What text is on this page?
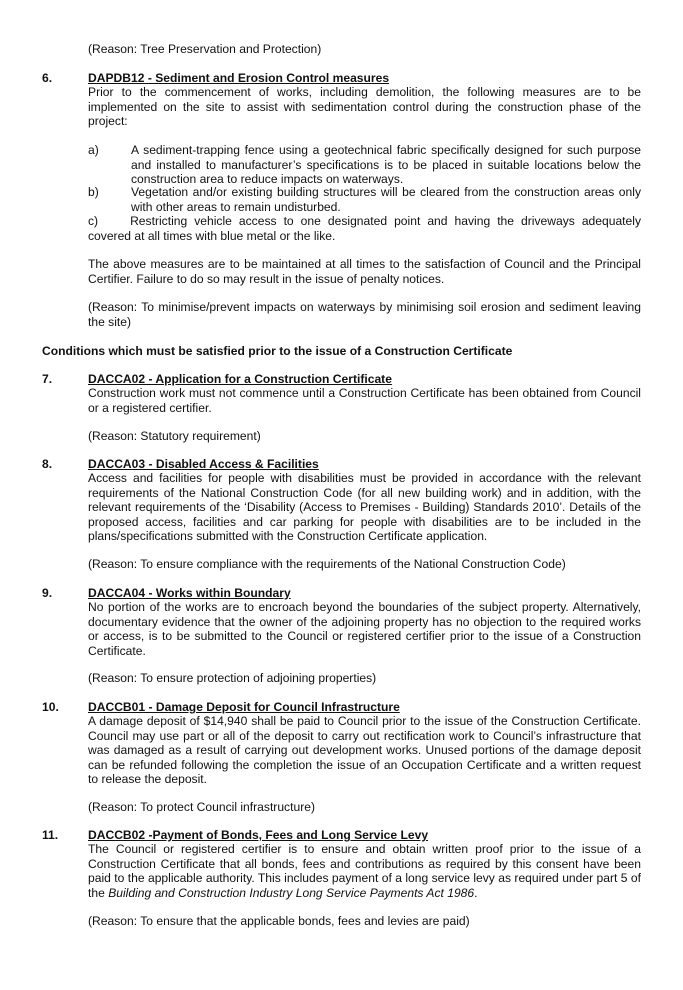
(Reason: Tree Preservation and Protection)
6.	DAPDB12 - Sediment and Erosion Control measures
Prior to the commencement of works, including demolition, the following measures are to be implemented on the site to assist with sedimentation control during the construction phase of the project:
a)	A sediment-trapping fence using a geotechnical fabric specifically designed for such purpose and installed to manufacturer’s specifications is to be placed in suitable locations below the construction area to reduce impacts on waterways.
b)	Vegetation and/or existing building structures will be cleared from the construction areas only with other areas to remain undisturbed.
c)	Restricting vehicle access to one designated point and having the driveways adequately covered at all times with blue metal or the like.
The above measures are to be maintained at all times to the satisfaction of Council and the Principal Certifier. Failure to do so may result in the issue of penalty notices.
(Reason: To minimise/prevent impacts on waterways by minimising soil erosion and sediment leaving the site)
Conditions which must be satisfied prior to the issue of a Construction Certificate
7.	DACCA02 - Application for a Construction Certificate
Construction work must not commence until a Construction Certificate has been obtained from Council or a registered certifier.
(Reason: Statutory requirement)
8.	DACCA03 - Disabled Access & Facilities
Access and facilities for people with disabilities must be provided in accordance with the relevant requirements of the National Construction Code (for all new building work) and in addition, with the relevant requirements of the ‘Disability (Access to Premises - Building) Standards 2010’. Details of the proposed access, facilities and car parking for people with disabilities are to be included in the plans/specifications submitted with the Construction Certificate application.
(Reason: To ensure compliance with the requirements of the National Construction Code)
9.	DACCA04 - Works within Boundary
No portion of the works are to encroach beyond the boundaries of the subject property. Alternatively, documentary evidence that the owner of the adjoining property has no objection to the required works or access, is to be submitted to the Council or registered certifier prior to the issue of a Construction Certificate.
(Reason: To ensure protection of adjoining properties)
10. DACCB01 - Damage Deposit for Council Infrastructure
A damage deposit of $14,940 shall be paid to Council prior to the issue of the Construction Certificate. Council may use part or all of the deposit to carry out rectification work to Council’s infrastructure that was damaged as a result of carrying out development works. Unused portions of the damage deposit can be refunded following the completion the issue of an Occupation Certificate and a written request to release the deposit.
(Reason: To protect Council infrastructure)
11. DACCB02 -Payment of Bonds, Fees and Long Service Levy
The Council or registered certifier is to ensure and obtain written proof prior to the issue of a Construction Certificate that all bonds, fees and contributions as required by this consent have been paid to the applicable authority. This includes payment of a long service levy as required under part 5 of the Building and Construction Industry Long Service Payments Act 1986.
(Reason: To ensure that the applicable bonds, fees and levies are paid)
